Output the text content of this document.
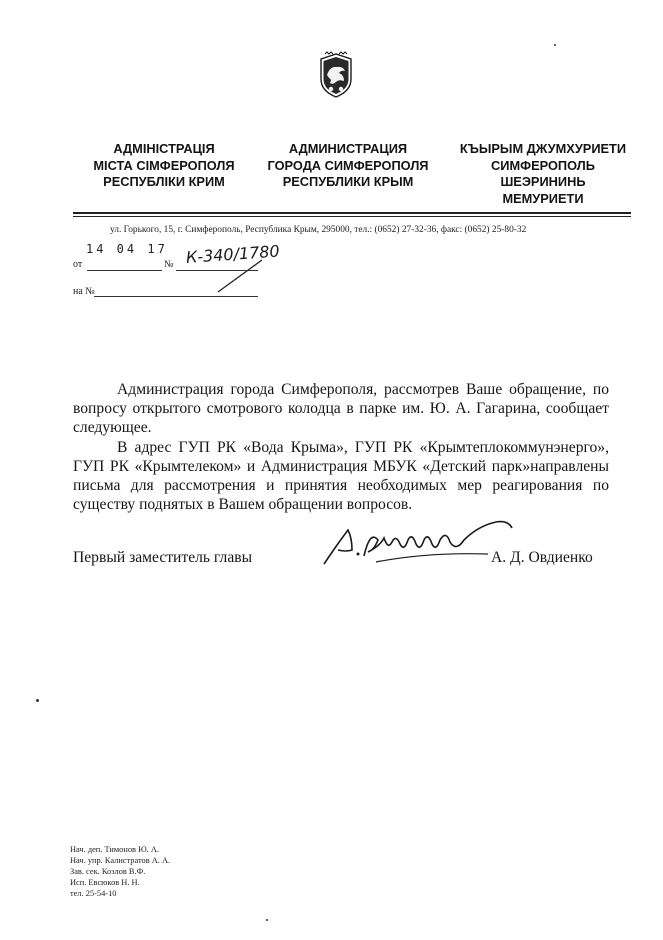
АДМІНІСТРАЦІЯ
МІСТА СІМФЕРОПОЛЯ
РЕСПУБЛІКИ КРИМ
АДМИНИСТРАЦИЯ
ГОРОДА СИМФЕРОПОЛЯ
РЕСПУБЛИКИ КРЫМ
КЪЫРЫМ ДЖУМХУРИЕТИ
СИМФЕРОПОЛЬ
ШЕЭРИНИНЬ
МЕМУРИЕТИ
ул. Горького, 15, г. Симферополь, Республика Крым, 295000, тел.: (0652) 27-32-36, факс: (0652) 25-80-32
14 04 17
от	№ К-340/1780
на №

Администрация города Симферополя, рассмотрев Ваше обращение, по вопросу открытого смотрового колодца в парке им. Ю. А. Гагарина, сообщает следующее.

В адрес ГУП РК «Вода Крыма», ГУП РК «Крымтеплокоммунэнерго», ГУП РК «Крымтелеком» и Администрация МБУК «Детский парк»направлены письма для рассмотрения и принятия необходимых мер реагирования по существу поднятых в Вашем обращении вопросов.

Первый заместитель главы	А. Д. Овдиенко
Нач. деп. Тимонов Ю. А.
Нач. упр. Калистратов А. А.
Зав. сек. Козлов В.Ф.
Исп. Евсюков Н. Н.
тел. 25-54-10
